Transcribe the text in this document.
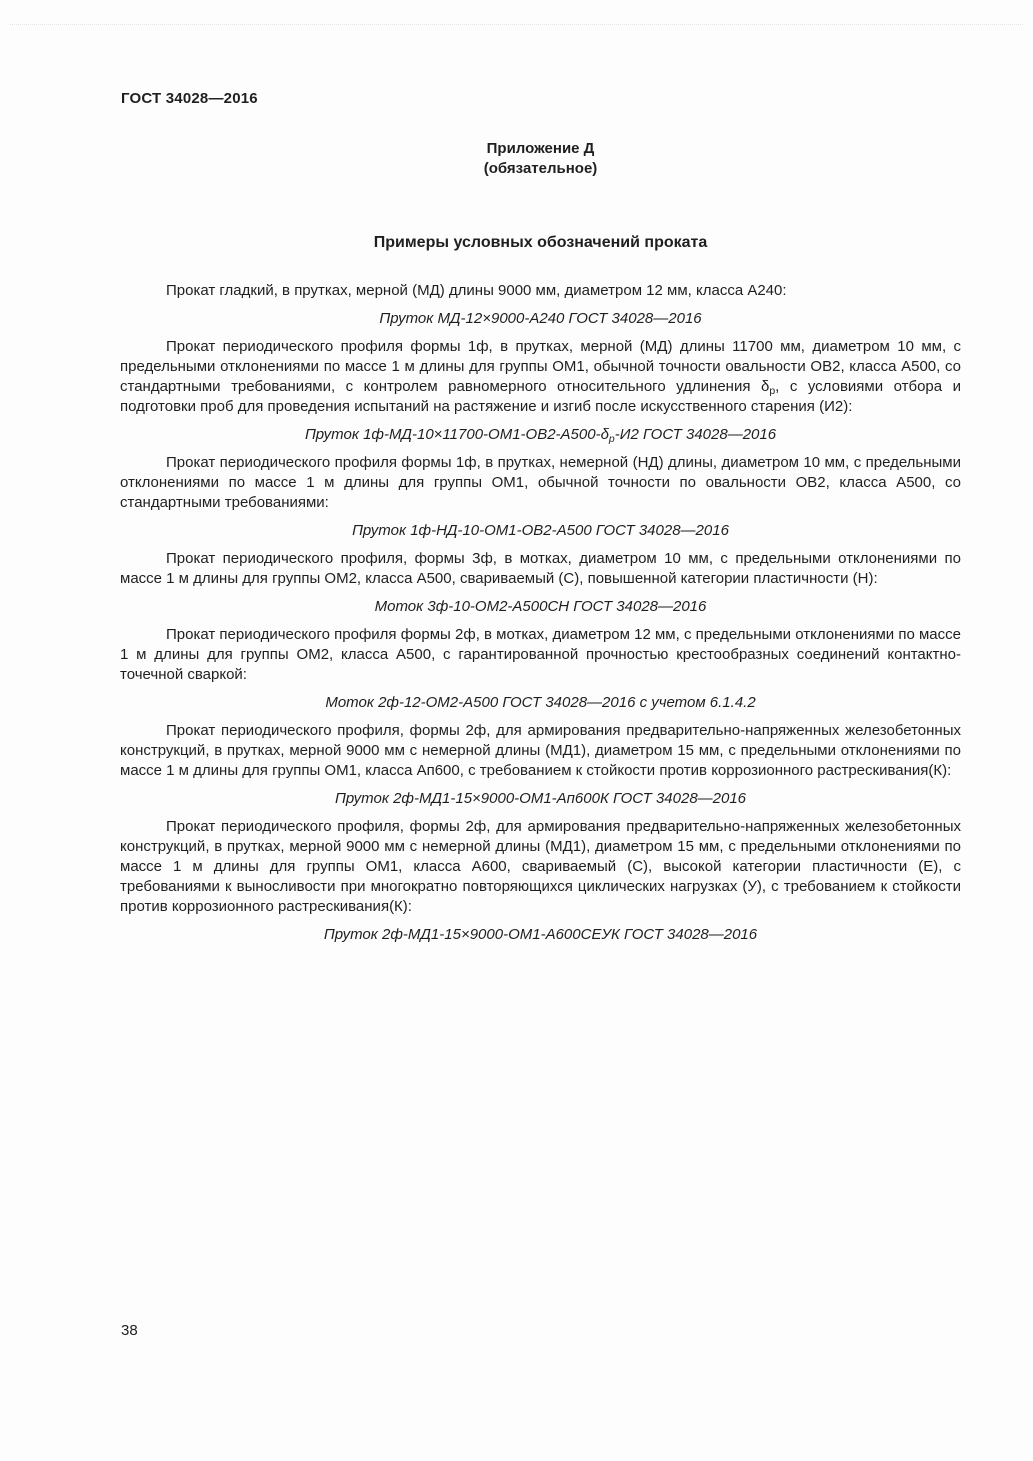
ГОСТ 34028—2016
Приложение Д
(обязательное)
Примеры условных обозначений проката

Прокат гладкий, в прутках, мерной (МД) длины 9000 мм, диаметром 12 мм, класса А240:

Пруток МД-12×9000-А240 ГОСТ 34028—2016

Прокат периодического профиля формы 1ф, в прутках, мерной (МД) длины 11700 мм, диаметром 10 мм, с предельными отклонениями по массе 1 м длины для группы ОМ1, обычной точности овальности ОВ2, класса А500, со стандартными требованиями, с контролем равномерного относительного удлинения $\delta_р$, с условиями отбора и подготовки проб для проведения испытаний на растяжение и изгиб после искусственного старения (И2):

Пруток $1ф-МД-10\times 11700-ОМ1-ОВ2-А500-\delta_р-И2$ ГОСТ 34028—2016

Прокат периодического профиля формы 1ф, в прутках, немерной (НД) длины, диаметром 10 мм, с предельными отклонениями по массе 1 м длины для группы ОМ1, обычной точности по овальности ОВ2, класса А500, со стандартными требованиями:

Пруток 1ф-НД-10-ОМ1-ОВ2-А500 ГОСТ 34028—2016

Прокат периодического профиля, формы 3ф, в мотках, диаметром 10 мм, с предельными отклонениями по массе 1 м длины для группы ОМ2, класса А500, свариваемый (С), повышенной категории пластичности (Н):

Моток 3ф-10-ОМ2-А500СН ГОСТ 34028—2016

Прокат периодического профиля формы 2ф, в мотках, диаметром 12 мм, с предельными отклонениями по массе 1 м длины для группы ОМ2, класса А500, с гарантированной прочностью крестообразных соединений контактно-точечной сваркой:

Моток 2ф-12-ОМ2-А500 ГОСТ 34028—2016 с учетом 6.1.4.2

Прокат периодического профиля, формы 2ф, для армирования предварительно-напряженных железобетонных конструкций, в прутках, мерной 9000 мм с немерной длины (МД1), диаметром 15 мм, с предельными отклонениями по массе 1 м длины для группы ОМ1, класса Ап600, с требованием к стойкости против коррозионного растрескивания(К):

Пруток 2ф-МД1-15×9000-ОМ1-Ап600К ГОСТ 34028—2016

Прокат периодического профиля, формы 2ф, для армирования предварительно-напряженных железобетонных конструкций, в прутках, мерной 9000 мм с немерной длины (МД1), диаметром 15 мм, с предельными отклонениями по массе 1 м длины для группы ОМ1, класса А600, свариваемый (С), высокой категории пластичности (Е), с требованиями к выносливости при многократно повторяющихся циклических нагрузках (У), с требованием к стойкости против коррозионного растрескивания(К):

Пруток 2ф-МД1-15×9000-ОМ1-А600СЕУК ГОСТ 34028—2016

38
